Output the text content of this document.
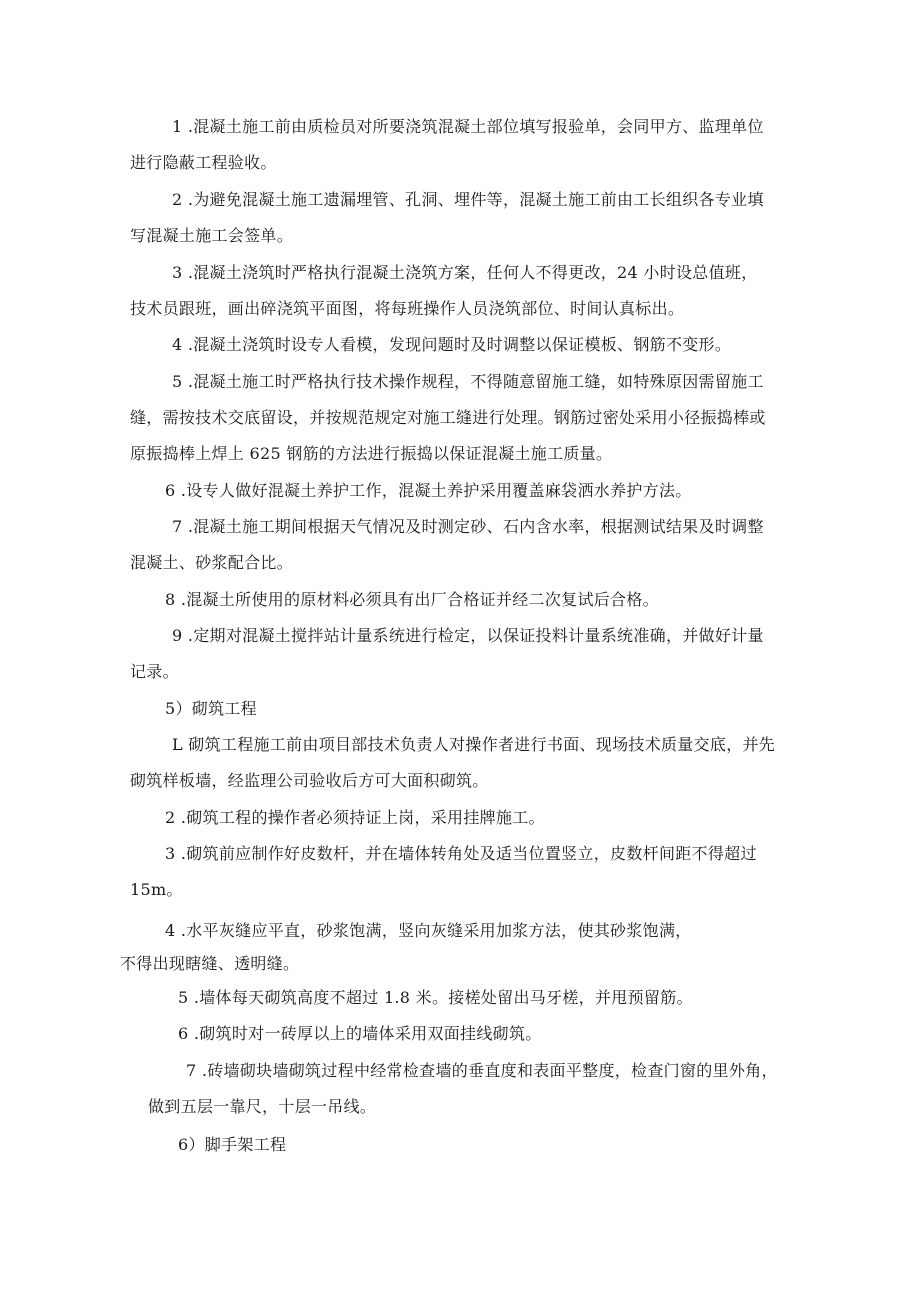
1 .混凝土施工前由质检员对所要浇筑混凝土部位填写报验单，会同甲方、监理单位

进行隐蔽工程验收。

2 .为避免混凝土施工遗漏埋管、孔洞、埋件等，混凝土施工前由工长组织各专业填

写混凝土施工会签单。

3 .混凝土浇筑时严格执行混凝土浇筑方案，任何人不得更改，24 小时设总值班，

技术员跟班，画出碎浇筑平面图，将每班操作人员浇筑部位、时间认真标出。

4 .混凝土浇筑时设专人看模，发现问题时及时调整以保证模板、钢筋不变形。

5 .混凝土施工时严格执行技术操作规程，不得随意留施工缝，如特殊原因需留施工

缝，需按技术交底留设，并按规范规定对施工缝进行处理。钢筋过密处采用小径振捣棒或

原振捣棒上焊上 625 钢筋的方法进行振捣以保证混凝土施工质量。

6 .设专人做好混凝土养护工作，混凝土养护采用覆盖麻袋洒水养护方法。

7 .混凝土施工期间根据天气情况及时测定砂、石内含水率，根据测试结果及时调整

混凝土、砂浆配合比。

8 .混凝土所使用的原材料必须具有出厂合格证并经二次复试后合格。

9 .定期对混凝土搅拌站计量系统进行检定，以保证投料计量系统准确，并做好计量

记录。

5）砌筑工程

L 砌筑工程施工前由项目部技术负责人对操作者进行书面、现场技术质量交底，并先

砌筑样板墙，经监理公司验收后方可大面积砌筑。

2 .砌筑工程的操作者必须持证上岗，采用挂牌施工。

3 .砌筑前应制作好皮数杆，并在墙体转角处及适当位置竖立，皮数杆间距不得超过

15m。

4 .水平灰缝应平直，砂浆饱满，竖向灰缝采用加浆方法，使其砂浆饱满，

不得出现瞎缝、透明缝。

5 .墙体每天砌筑高度不超过 1.8 米。接槎处留出马牙槎，并甩预留筋。

6 .砌筑时对一砖厚以上的墙体采用双面挂线砌筑。

7 .砖墙砌块墙砌筑过程中经常检查墙的垂直度和表面平整度，检查门窗的里外角，

做到五层一靠尺，十层一吊线。

6）脚手架工程
